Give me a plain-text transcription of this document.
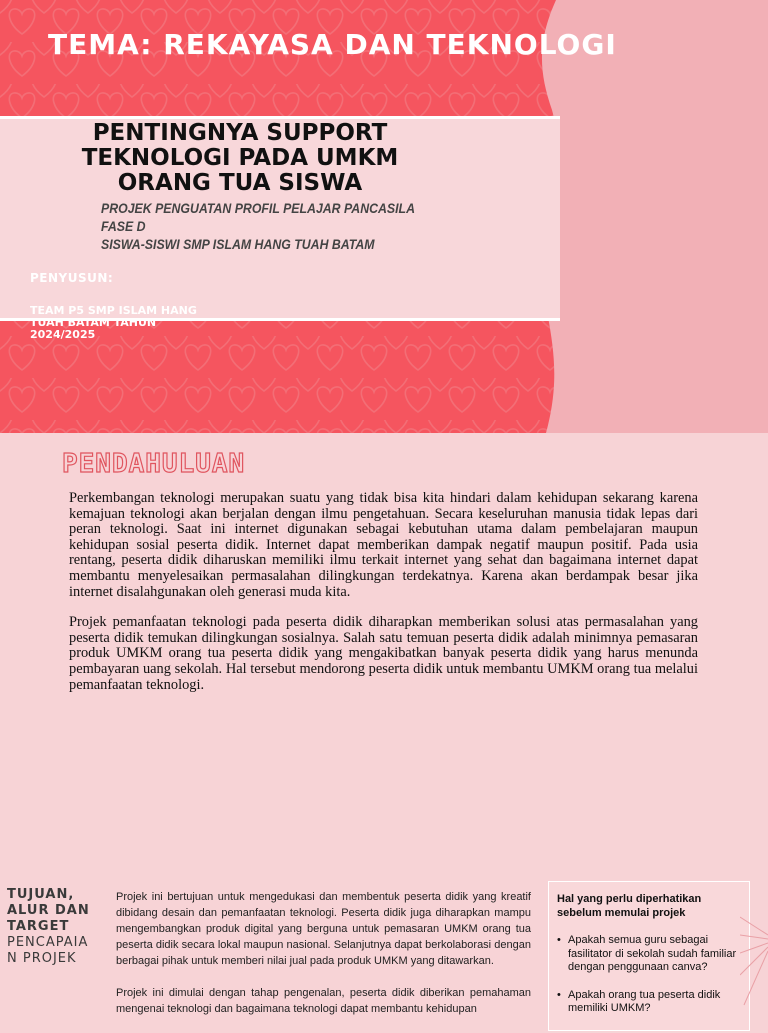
TEMA: REKAYASA DAN TEKNOLOGI
PENTINGNYA SUPPORT
TEKNOLOGI PADA UMKM
ORANG TUA SISWA
PROJEK PENGUATAN PROFIL PELAJAR PANCASILA
FASE D
SISWA-SISWI SMP ISLAM HANG TUAH BATAM
PENYUSUN:
TEAM P5 SMP ISLAM HANG TUAH BATAM TAHUN 2024/2025
PENDAHULUAN

Perkembangan teknologi merupakan suatu yang tidak bisa kita hindari dalam kehidupan sekarang karena kemajuan teknologi akan berjalan dengan ilmu pengetahuan. Secara keseluruhan manusia tidak lepas dari peran teknologi. Saat ini internet digunakan sebagai kebutuhan utama dalam pembelajaran maupun kehidupan sosial peserta didik. Internet dapat memberikan dampak negatif maupun positif. Pada usia rentang, peserta didik diharuskan memiliki ilmu terkait internet yang sehat dan bagaimana internet dapat membantu menyelesaikan permasalahan dilingkungan terdekatnya. Karena akan berdampak besar jika internet disalahgunakan oleh generasi muda kita.

Projek pemanfaatan teknologi pada peserta didik diharapkan memberikan solusi atas permasalahan yang peserta didik temukan dilingkungan sosialnya. Salah satu temuan peserta didik adalah minimnya pemasaran produk UMKM orang tua peserta didik yang mengakibatkan banyak peserta didik yang harus menunda pembayaran uang sekolah. Hal tersebut mendorong peserta didik untuk membantu UMKM orang tua melalui pemanfaatan teknologi.

TUJUAN,
ALUR DAN
TARGET
PENCAPAIA
N PROJEK

Projek ini bertujuan untuk mengedukasi dan membentuk peserta didik yang kreatif dibidang desain dan pemanfaatan teknologi. Peserta didik juga diharapkan mampu mengembangkan produk digital yang berguna untuk pemasaran UMKM orang tua peserta didik secara lokal maupun nasional. Selanjutnya dapat berkolaborasi dengan berbagai pihak untuk memberi nilai jual pada produk UMKM yang ditawarkan.

Projek ini dimulai dengan tahap pengenalan, peserta didik diberikan pemahaman mengenai teknologi dan bagaimana teknologi dapat membantu kehidupan

Hal yang perlu diperhatikan sebelum memulai projek

• Apakah semua guru sebagai fasilitator di sekolah sudah familiar dengan penggunaan canva?
• Apakah orang tua peserta didik memiliki UMKM?
